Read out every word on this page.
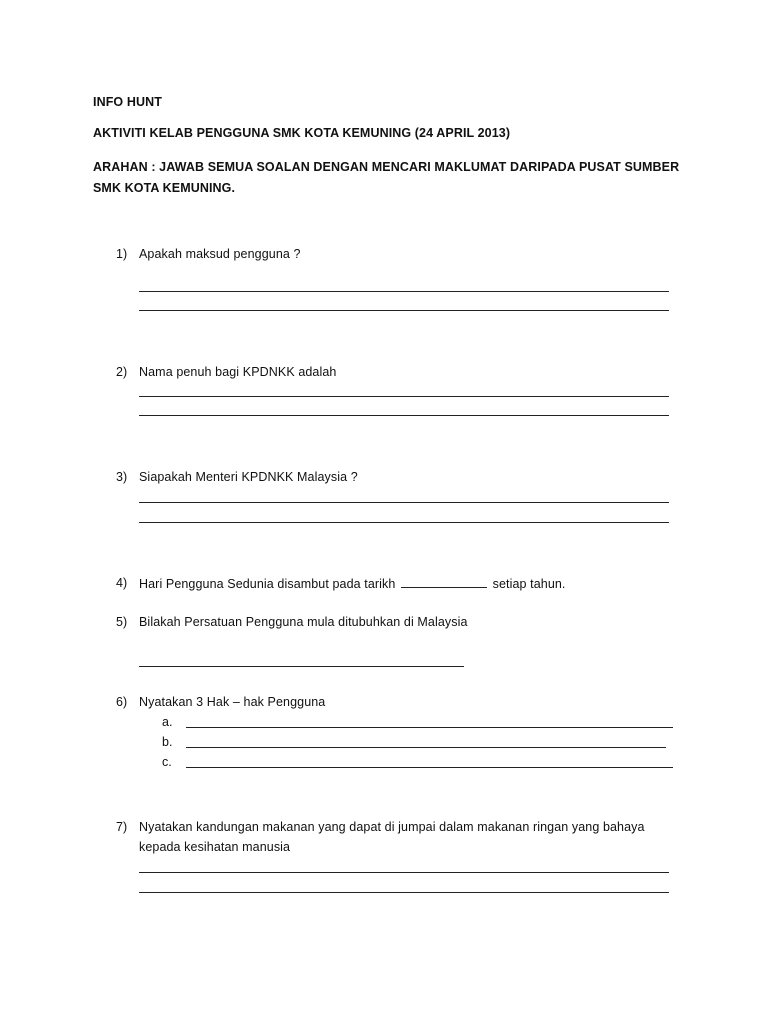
INFO HUNT
AKTIVITI KELAB PENGGUNA SMK KOTA KEMUNING (24 APRIL 2013)
ARAHAN : JAWAB SEMUA SOALAN DENGAN MENCARI MAKLUMAT DARIPADA PUSAT SUMBER
SMK KOTA KEMUNING.
1) Apakah maksud pengguna ?
2) Nama penuh bagi KPDNKK adalah
3) Siapakah Menteri KPDNKK Malaysia ?
4) Hari Pengguna Sedunia disambut pada tarikh	setiap tahun.
5) Bilakah Persatuan Pengguna mula ditubuhkan di Malaysia
6) Nyatakan 3 Hak – hak Pengguna
a.
b.
c.
7) Nyatakan kandungan makanan yang dapat di jumpai dalam makanan ringan yang bahaya
kepada kesihatan manusia
